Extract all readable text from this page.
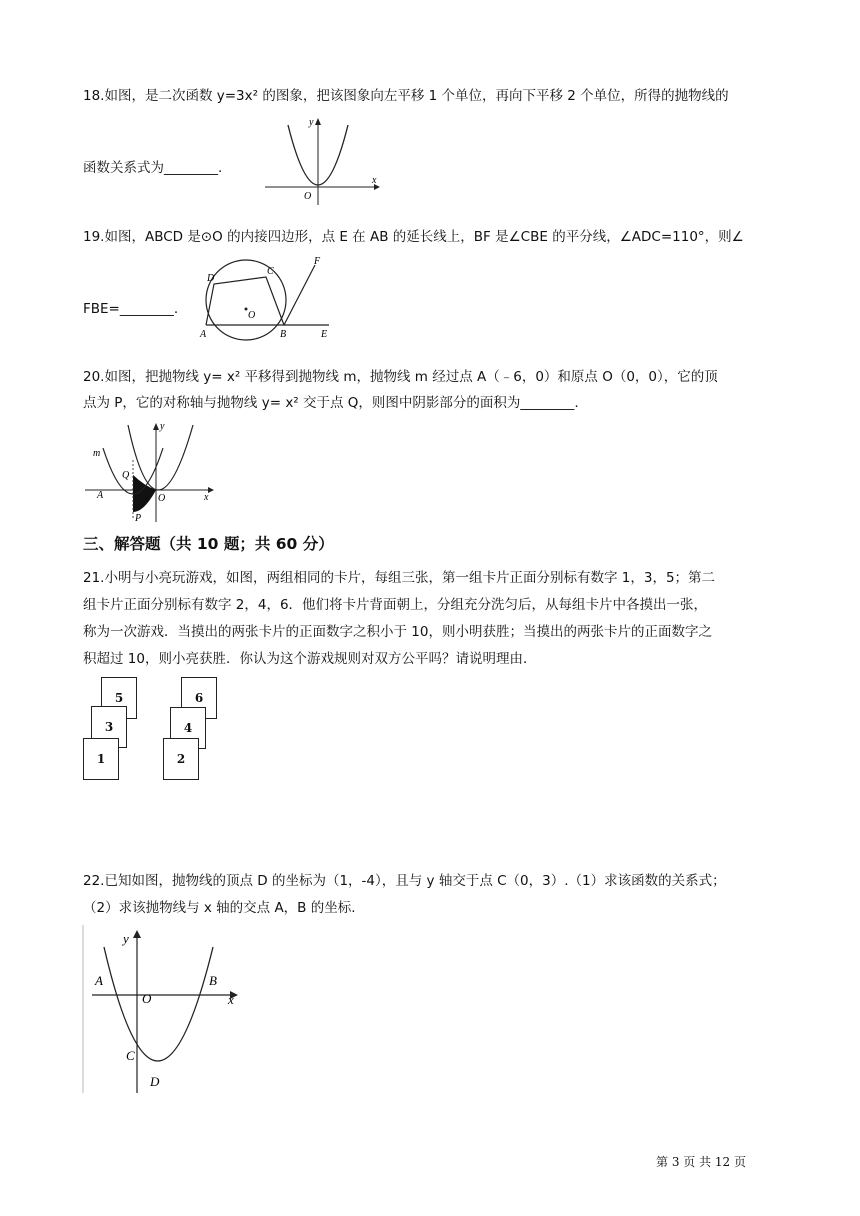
18.如图，是二次函数 y=3x² 的图象，把该图象向左平移 1 个单位，再向下平移 2 个单位，所得的抛物线的
函数关系式为________.
y
x
O
19.如图，ABCD 是⊙O 的内接四边形，点 E 在 AB 的延长线上，BF 是∠CBE 的平分线，∠ADC=110°，则∠
FBE=________.
D
C
F
O
A	B	E
20.如图，把抛物线 y= x² 平移得到抛物线 m，抛物线 m 经过点 A（﹣6，0）和原点 O（0，0），它的顶
点为 P，它的对称轴与抛物线 y= x² 交于点 Q，则图中阴影部分的面积为________.
m
y
Q
A	O	x
P
三、解答题（共 10 题；共 60 分）
21.小明与小亮玩游戏，如图，两组相同的卡片，每组三张，第一组卡片正面分别标有数字 1，3，5；第二
组卡片正面分别标有数字 2，4，6．他们将卡片背面朝上，分组充分洗匀后，从每组卡片中各摸出一张，
称为一次游戏．当摸出的两张卡片的正面数字之积小于 10，则小明获胜；当摸出的两张卡片的正面数字之
积超过 10，则小亮获胜．你认为这个游戏规则对双方公平吗？请说明理由．
5
3
1
6
4
2
22.已知如图，抛物线的顶点 D 的坐标为（1，-4），且与 y 轴交于点 C（0，3）.（1）求该函数的关系式；
（2）求该抛物线与 x 轴的交点 A，B 的坐标.
y
A	B
O	x
C
D
第 3 页 共 12 页
